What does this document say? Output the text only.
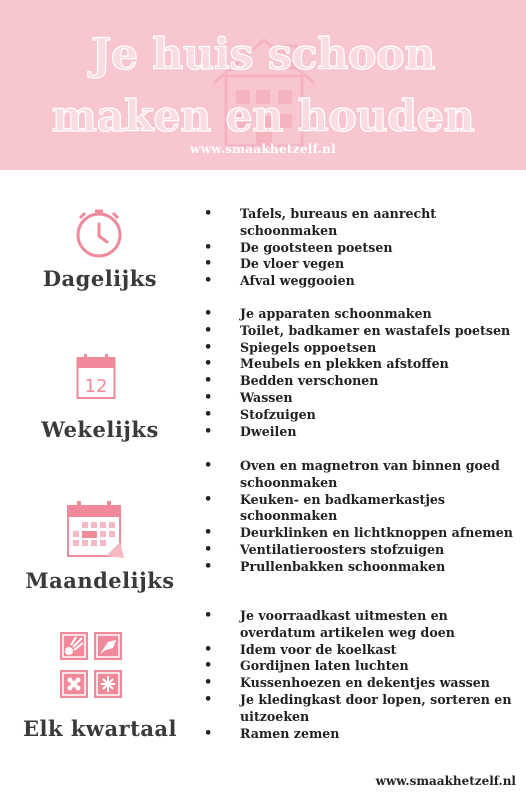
Je huis schoon
maken en houden
www.smaakhetzelf.nl
Dagelijks
• Tafels, bureaus en aanrecht schoonmaken
• De gootsteen poetsen
• De vloer vegen
• Afval weggooien
12
Wekelijks
• Je apparaten schoonmaken
• Toilet, badkamer en wastafels poetsen
• Spiegels oppoetsen
• Meubels en plekken afstoffen
• Bedden verschonen
• Wassen
• Stofzuigen
• Dweilen
Maandelijks
• Oven en magnetron van binnen goed schoonmaken
• Keuken- en badkamerkastjes schoonmaken
• Deurklinken en lichtknoppen afnemen
• Ventilatieroosters stofzuigen
• Prullenbakken schoonmaken
Elk kwartaal
• Je voorraadkast uitmesten en overdatum artikelen weg doen
• Idem voor de koelkast
• Gordijnen laten luchten
• Kussenhoezen en dekentjes wassen
• Je kledingkast door lopen, sorteren en uitzoeken
• Ramen zemen
www.smaakhetzelf.nl
